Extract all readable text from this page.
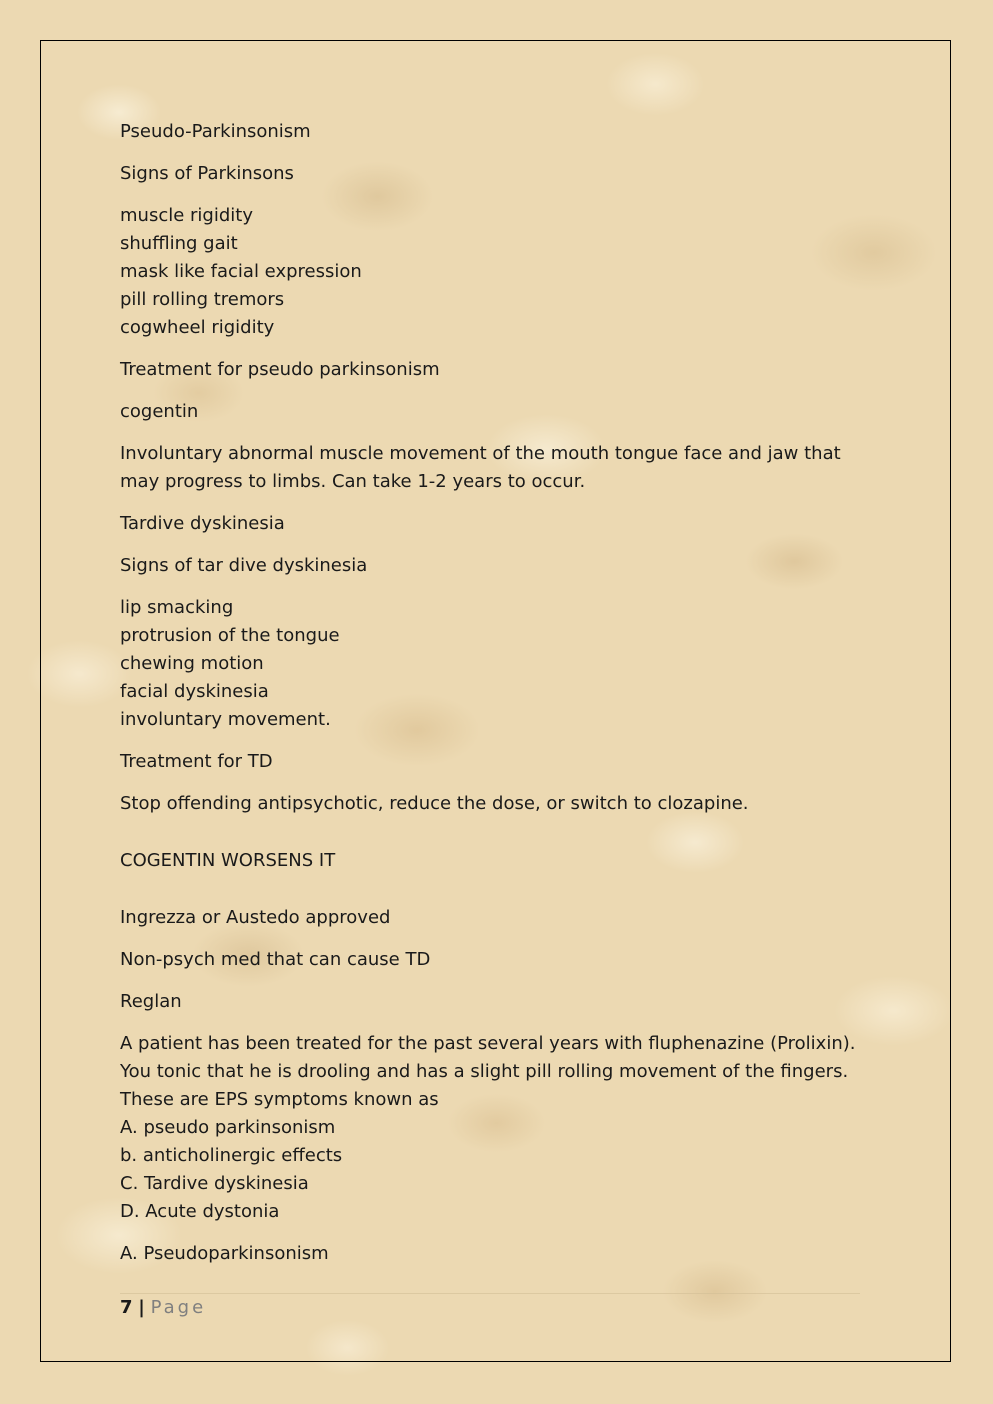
Pseudo-Parkinsonism

Signs of Parkinsons

muscle rigidity
shuffling gait
mask like facial expression
pill rolling tremors
cogwheel rigidity

Treatment for pseudo parkinsonism

cogentin

Involuntary abnormal muscle movement of the mouth tongue face and jaw that may progress to limbs. Can take 1-2 years to occur.

Tardive dyskinesia

Signs of tar dive dyskinesia

lip smacking
protrusion of the tongue
chewing motion
facial dyskinesia
involuntary movement.

Treatment for TD

Stop offending antipsychotic, reduce the dose, or switch to clozapine.

COGENTIN WORSENS IT

Ingrezza or Austedo approved

Non-psych med that can cause TD

Reglan

A patient has been treated for the past several years with fluphenazine (Prolixin). You tonic that he is drooling and has a slight pill rolling movement of the fingers. These are EPS symptoms known as
A. pseudo parkinsonism
b. anticholinergic effects
C. Tardive dyskinesia
D. Acute dystonia

A. Pseudoparkinsonism

7 | Page
